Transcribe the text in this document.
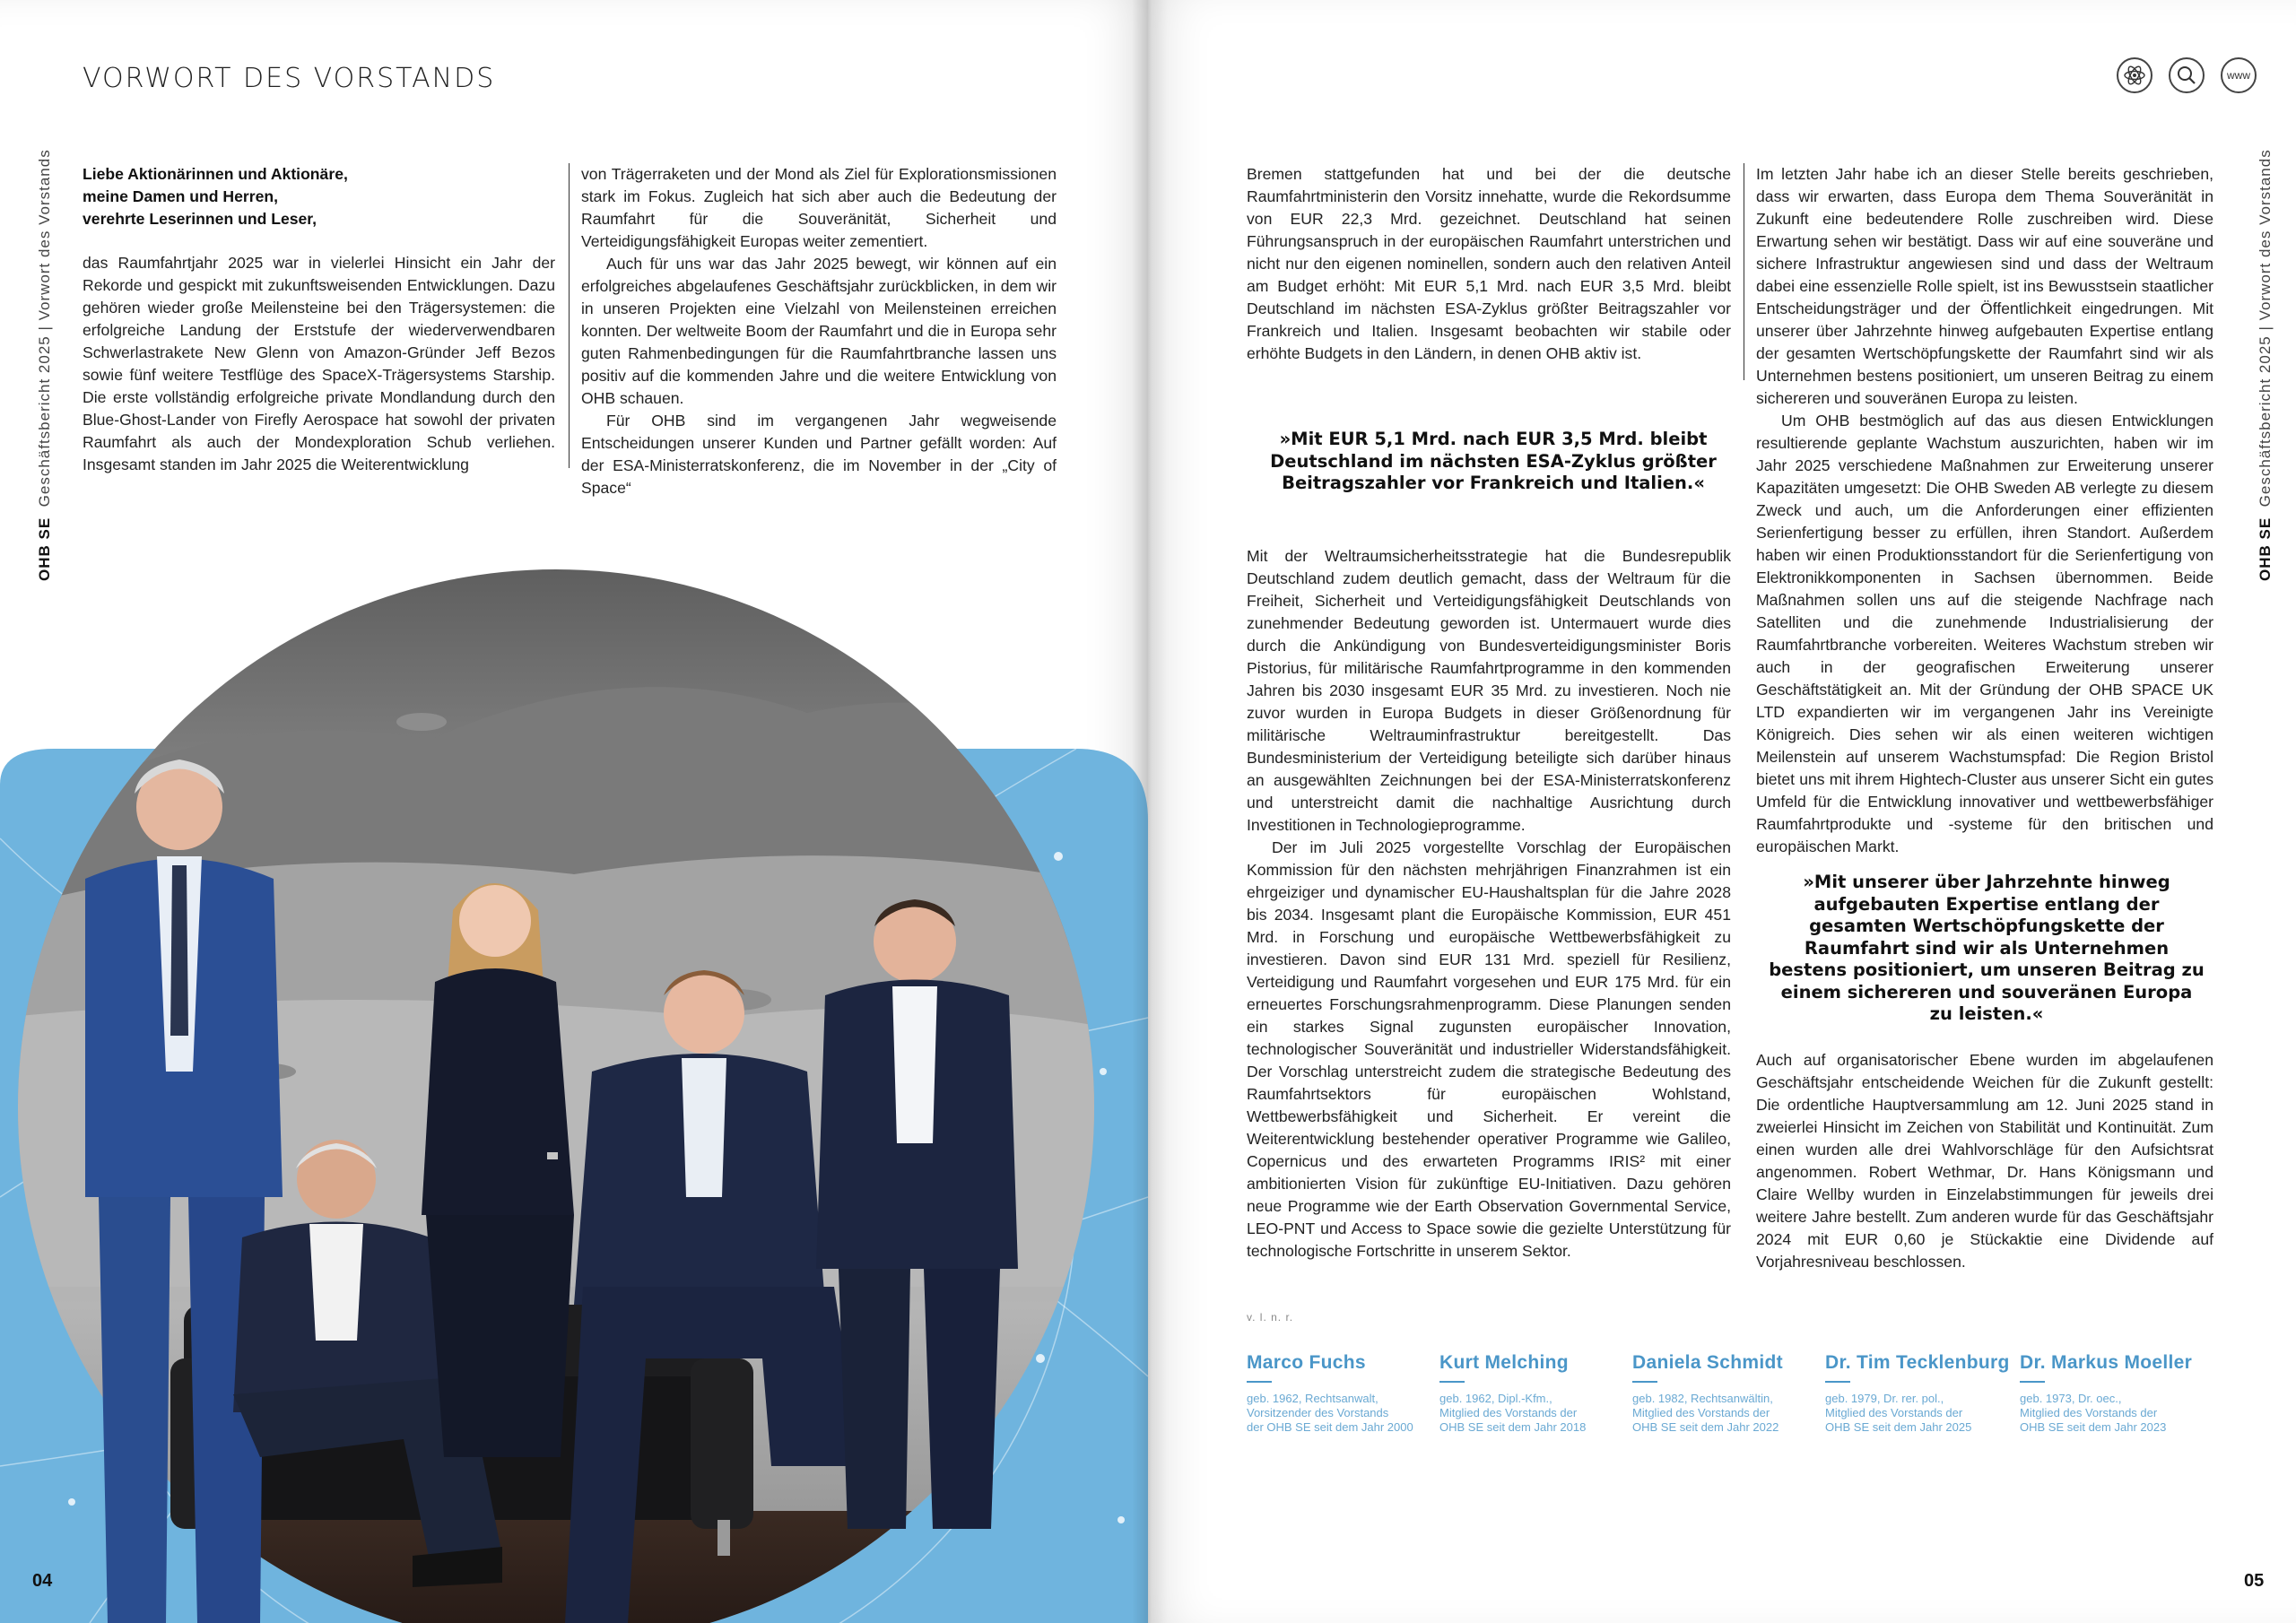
VORWORT DES VORSTANDS
OHB SE  Geschäftsbericht 2025 | Vorwort des Vorstands Liebe Aktionärinnen und Aktionäre,
meine Damen und Herren,
verehrte Leserinnen und Leser,

das Raumfahrtjahr 2025 war in vielerlei Hinsicht ein Jahr der Rekorde und gespickt mit zukunftsweisenden Entwicklungen. Dazu gehören wieder große Meilensteine bei den Trägersystemen: die erfolgreiche Landung der Erststufe der wiederverwendbaren Schwerlastrakete New Glenn von Amazon-Gründer Jeff Bezos sowie fünf weitere Testflüge des SpaceX-Trägersystems Starship. Die erste vollständig erfolgreiche private Mondlandung durch den Blue-Ghost-Lander von Firefly Aerospace hat sowohl der privaten Raumfahrt als auch der Mondexploration Schub verliehen. Insgesamt standen im Jahr 2025 die Weiterentwicklung

von Trägerraketen und der Mond als Ziel für Explorationsmissionen stark im Fokus. Zugleich hat sich aber auch die Bedeutung der Raumfahrt für die Souveränität, Sicherheit und Verteidigungsfähigkeit Europas weiter zementiert.

Auch für uns war das Jahr 2025 bewegt, wir können auf ein erfolgreiches abgelaufenes Geschäftsjahr zurückblicken, in dem wir in unseren Projekten eine Vielzahl von Meilensteinen erreichen konnten. Der weltweite Boom der Raumfahrt und die in Europa sehr guten Rahmenbedingungen für die Raumfahrtbranche lassen uns positiv auf die kommenden Jahre und die weitere Entwicklung von OHB schauen.

Für OHB sind im vergangenen Jahr wegweisende Entscheidungen unserer Kunden und Partner gefällt worden: Auf der ESA-Ministerratskonferenz, die im November in der „City of Space“

04
www
OHB SE  Geschäftsbericht 2025 | Vorwort des Vorstands

Bremen stattgefunden hat und bei der die deutsche Raumfahrtministerin den Vorsitz innehatte, wurde die Rekordsumme von EUR 22,3 Mrd. gezeichnet. Deutschland hat seinen Führungsanspruch in der europäischen Raumfahrt unterstrichen und nicht nur den eigenen nominellen, sondern auch den relativen Anteil am Budget erhöht: Mit EUR 5,1 Mrd. nach EUR 3,5 Mrd. bleibt Deutschland im nächsten ESA-Zyklus größter Beitragszahler vor Frankreich und Italien. Insgesamt beobachten wir stabile oder erhöhte Budgets in den Ländern, in denen OHB aktiv ist.

»Mit EUR 5,1 Mrd. nach EUR 3,5 Mrd. bleibt Deutschland im nächsten ESA-Zyklus größter Beitragszahler vor Frankreich und Italien.«

Mit der Weltraumsicherheitsstrategie hat die Bundesrepublik Deutschland zudem deutlich gemacht, dass der Weltraum für die Freiheit, Sicherheit und Verteidigungsfähigkeit Deutschlands von zunehmender Bedeutung geworden ist. Untermauert wurde dies durch die Ankündigung von Bundesverteidigungsminister Boris Pistorius, für militärische Raumfahrtprogramme in den kommenden Jahren bis 2030 insgesamt EUR 35 Mrd. zu investieren. Noch nie zuvor wurden in Europa Budgets in dieser Größenordnung für militärische Weltrauminfrastruktur bereitgestellt. Das Bundesministerium der Verteidigung beteiligte sich darüber hinaus an ausgewählten Zeichnungen bei der ESA-Ministerratskonferenz und unterstreicht damit die nachhaltige Ausrichtung durch Investitionen in Technologieprogramme.

Der im Juli 2025 vorgestellte Vorschlag der Europäischen Kommission für den nächsten mehrjährigen Finanzrahmen ist ein ehrgeiziger und dynamischer EU-Haushaltsplan für die Jahre 2028 bis 2034. Insgesamt plant die Europäische Kommission, EUR 451 Mrd. in Forschung und europäische Wettbewerbsfähigkeit zu investieren. Davon sind EUR 131 Mrd. speziell für Resilienz, Verteidigung und Raumfahrt vorgesehen und EUR 175 Mrd. für ein erneuertes Forschungsrahmenprogramm. Diese Planungen senden ein starkes Signal zugunsten europäischer Innovation, technologischer Souveränität und industrieller Widerstandsfähigkeit. Der Vorschlag unterstreicht zudem die strategische Bedeutung des Raumfahrtsektors für europäischen Wohlstand, Wettbewerbsfähigkeit und Sicherheit. Er vereint die Weiterentwicklung bestehender operativer Programme wie Galileo, Copernicus und des erwarteten Programms IRIS² mit einer ambitionierten Vision für zukünftige EU-Initiativen. Dazu gehören neue Programme wie der Earth Observation Governmental Service, LEO-PNT und Access to Space sowie die gezielte Unterstützung für technologische Fortschritte in unserem Sektor.

Im letzten Jahr habe ich an dieser Stelle bereits geschrieben, dass wir erwarten, dass Europa dem Thema Souveränität in Zukunft eine bedeutendere Rolle zuschreiben wird. Diese Erwartung sehen wir bestätigt. Dass wir auf eine souveräne und sichere Infrastruktur angewiesen sind und dass der Weltraum dabei eine essenzielle Rolle spielt, ist ins Bewusstsein staatlicher Entscheidungsträger und der Öffentlichkeit eingedrungen. Mit unserer über Jahrzehnte hinweg aufgebauten Expertise entlang der gesamten Wertschöpfungskette der Raumfahrt sind wir als Unternehmen bestens positioniert, um unseren Beitrag zu einem sichereren und souveränen Europa zu leisten.

Um OHB bestmöglich auf das aus diesen Entwicklungen resultierende geplante Wachstum auszurichten, haben wir im Jahr 2025 verschiedene Maßnahmen zur Erweiterung unserer Kapazitäten umgesetzt: Die OHB Sweden AB verlegte zu diesem Zweck und auch, um die Anforderungen einer effizienten Serienfertigung besser zu erfüllen, ihren Standort. Außerdem haben wir einen Produktionsstandort für die Serienfertigung von Elektronikkomponenten in Sachsen übernommen. Beide Maßnahmen sollen uns auf die steigende Nachfrage nach Satelliten und die zunehmende Industrialisierung der Raumfahrtbranche vorbereiten. Weiteres Wachstum streben wir auch in der geografischen Erweiterung unserer Geschäftstätigkeit an. Mit der Gründung der OHB SPACE UK LTD expandierten wir im vergangenen Jahr ins Vereinigte Königreich. Dies sehen wir als einen weiteren wichtigen Meilenstein auf unserem Wachstumspfad: Die Region Bristol bietet uns mit ihrem Hightech-Cluster aus unserer Sicht ein gutes Umfeld für die Entwicklung innovativer und wettbewerbsfähiger Raumfahrtprodukte und -systeme für den britischen und europäischen Markt.

»Mit unserer über Jahrzehnte hinweg aufgebauten Expertise entlang der gesamten Wertschöpfungskette der Raumfahrt sind wir als Unternehmen bestens positioniert, um unseren Beitrag zu einem sichereren und souveränen Europa zu leisten.«

Auch auf organisatorischer Ebene wurden im abgelaufenen Geschäftsjahr entscheidende Weichen für die Zukunft gestellt: Die ordentliche Hauptversammlung am 12. Juni 2025 stand in zweierlei Hinsicht im Zeichen von Stabilität und Kontinuität. Zum einen wurden alle drei Wahlvorschläge für den Aufsichtsrat angenommen. Robert Wethmar, Dr. Hans Königsmann und Claire Wellby wurden in Einzelabstimmungen für jeweils drei weitere Jahre bestellt. Zum anderen wurde für das Geschäftsjahr 2024 mit EUR 0,60 je Stückaktie eine Dividende auf Vorjahresniveau beschlossen.

v. l. n. r.
Marco Fuchs
geb. 1962, Rechtsanwalt,
Vorsitzender des Vorstands
der OHB SE seit dem Jahr 2000
Kurt Melching
geb. 1962, Dipl.-Kfm.,
Mitglied des Vorstands der
OHB SE seit dem Jahr 2018
Daniela Schmidt
geb. 1982, Rechtsanwältin,
Mitglied des Vorstands der
OHB SE seit dem Jahr 2022
Dr. Tim Tecklenburg
geb. 1979, Dr. rer. pol.,
Mitglied des Vorstands der
OHB SE seit dem Jahr 2025
Dr. Markus Moeller
geb. 1973, Dr. oec.,
Mitglied des Vorstands der
OHB SE seit dem Jahr 2023
05
